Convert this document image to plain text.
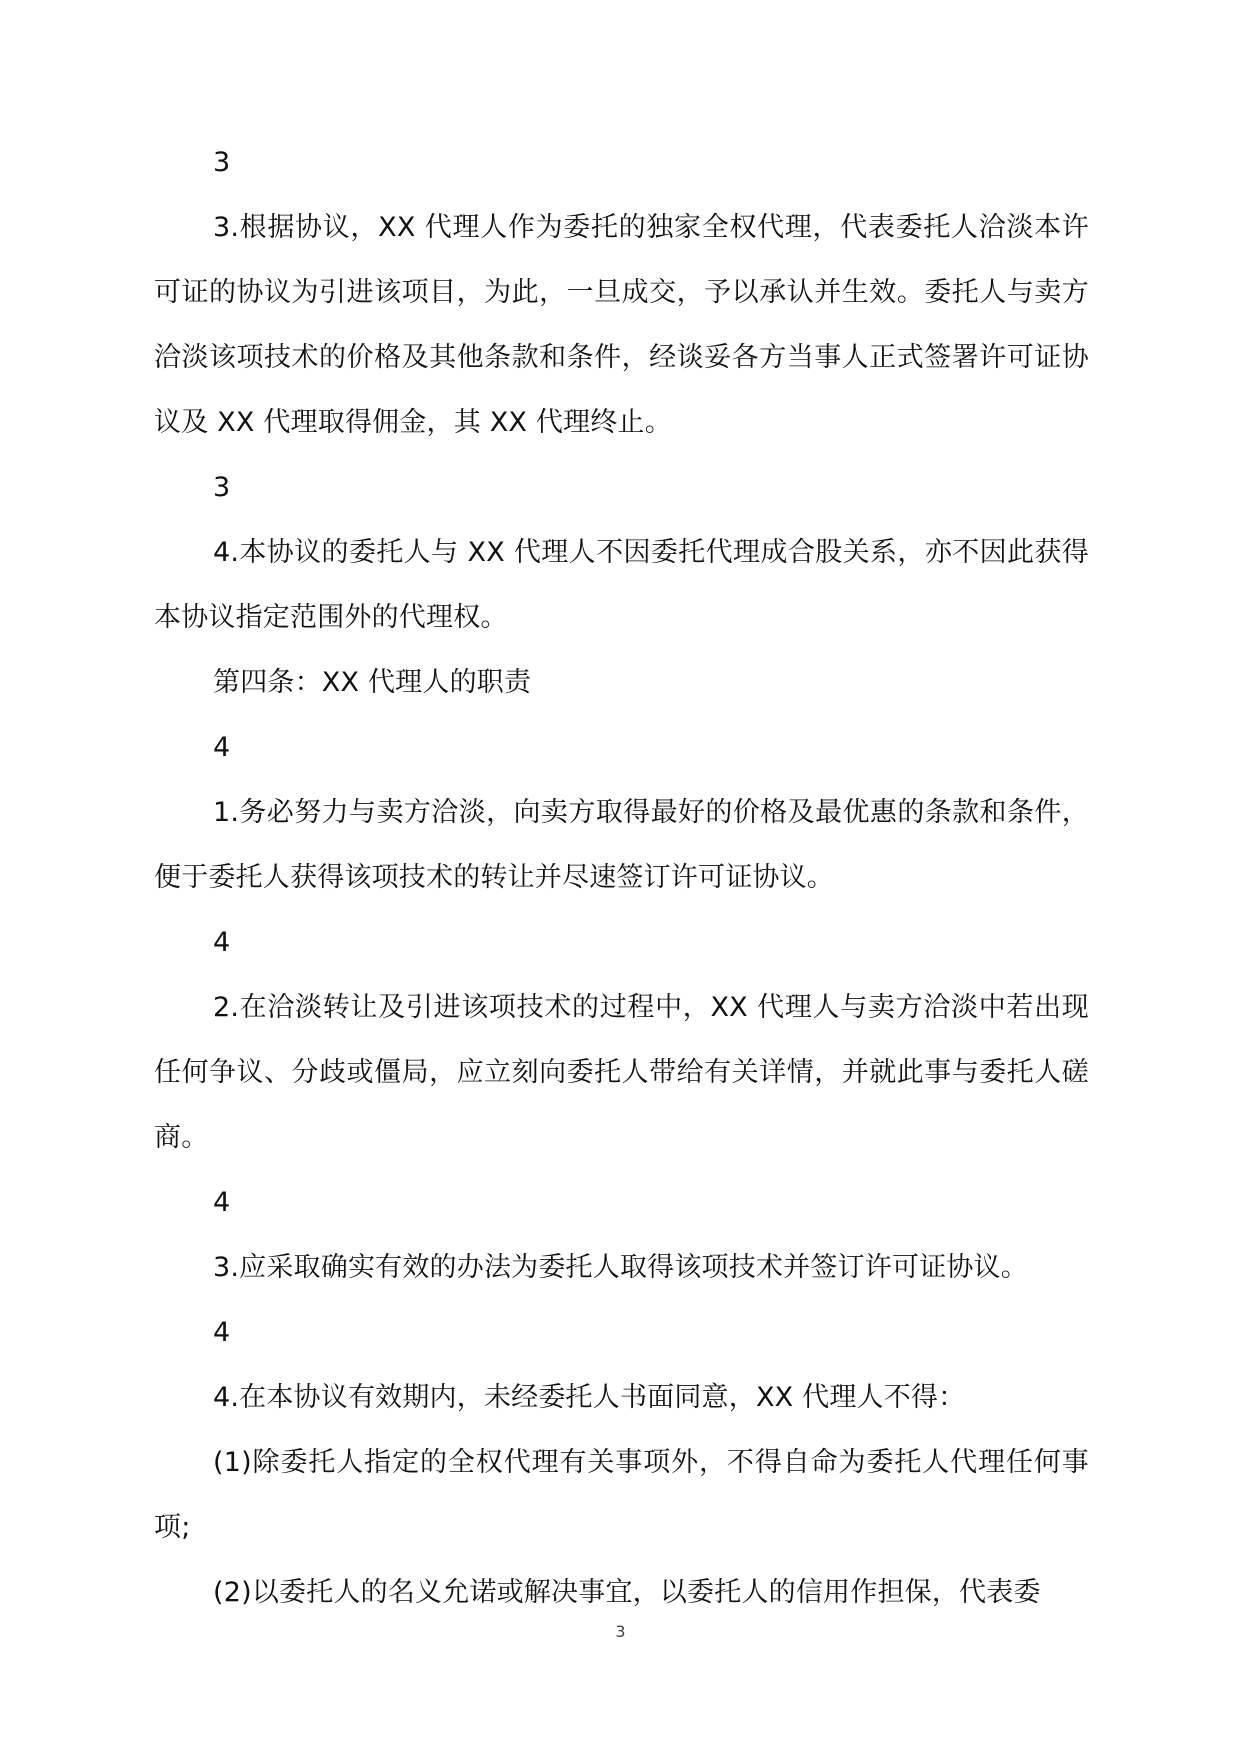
3

3.根据协议，XX 代理人作为委托的独家全权代理，代表委托人洽淡本许可证的协议为引进该项目，为此，一旦成交，予以承认并生效。委托人与卖方洽淡该项技术的价格及其他条款和条件，经谈妥各方当事人正式签署许可证协议及 XX 代理取得佣金，其 XX 代理终止。

3

4.本协议的委托人与 XX 代理人不因委托代理成合股关系，亦不因此获得本协议指定范围外的代理权。

第四条：XX 代理人的职责

4

1.务必努力与卖方洽淡，向卖方取得最好的价格及最优惠的条款和条件，便于委托人获得该项技术的转让并尽速签订许可证协议。

4

2.在洽淡转让及引进该项技术的过程中，XX 代理人与卖方洽淡中若出现任何争议、分歧或僵局，应立刻向委托人带给有关详情，并就此事与委托人磋商。

4

3.应采取确实有效的办法为委托人取得该项技术并签订许可证协议。

4

4.在本协议有效期内，未经委托人书面同意，XX 代理人不得：

(1)除委托人指定的全权代理有关事项外，不得自命为委托人代理任何事项;

(2)以委托人的名义允诺或解决事宜，以委托人的信用作担保，代表委

3
